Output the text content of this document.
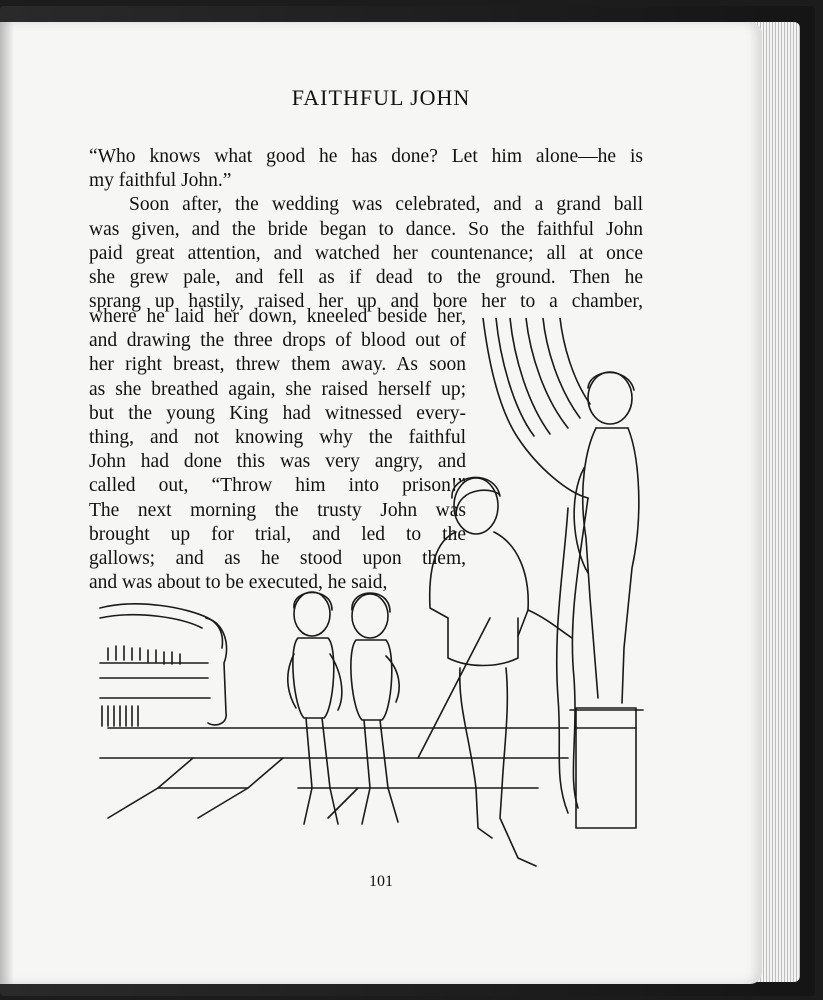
FAITHFUL JOHN

“Who knows what good he has done? Let him alone—he is

my faithful John.”

Soon after, the wedding was celebrated, and a grand ball

was given, and the bride began to dance. So the faithful John

paid great attention, and watched her countenance; all at once

she grew pale, and fell as if dead to the ground. Then he

sprang up hastily, raised her up and bore her to a chamber,

where he laid her down, kneeled beside her,

and drawing the three drops of blood out of

her right breast, threw them away. As soon

as she breathed again, she raised herself up;

but the young King had witnessed every-

thing, and not knowing why the faithful

John had done this was very angry, and

called out, “Throw him into prison!”

The next morning the trusty John was

brought up for trial, and led to the

gallows; and as he stood upon them,

and was about to be executed, he said,

101
